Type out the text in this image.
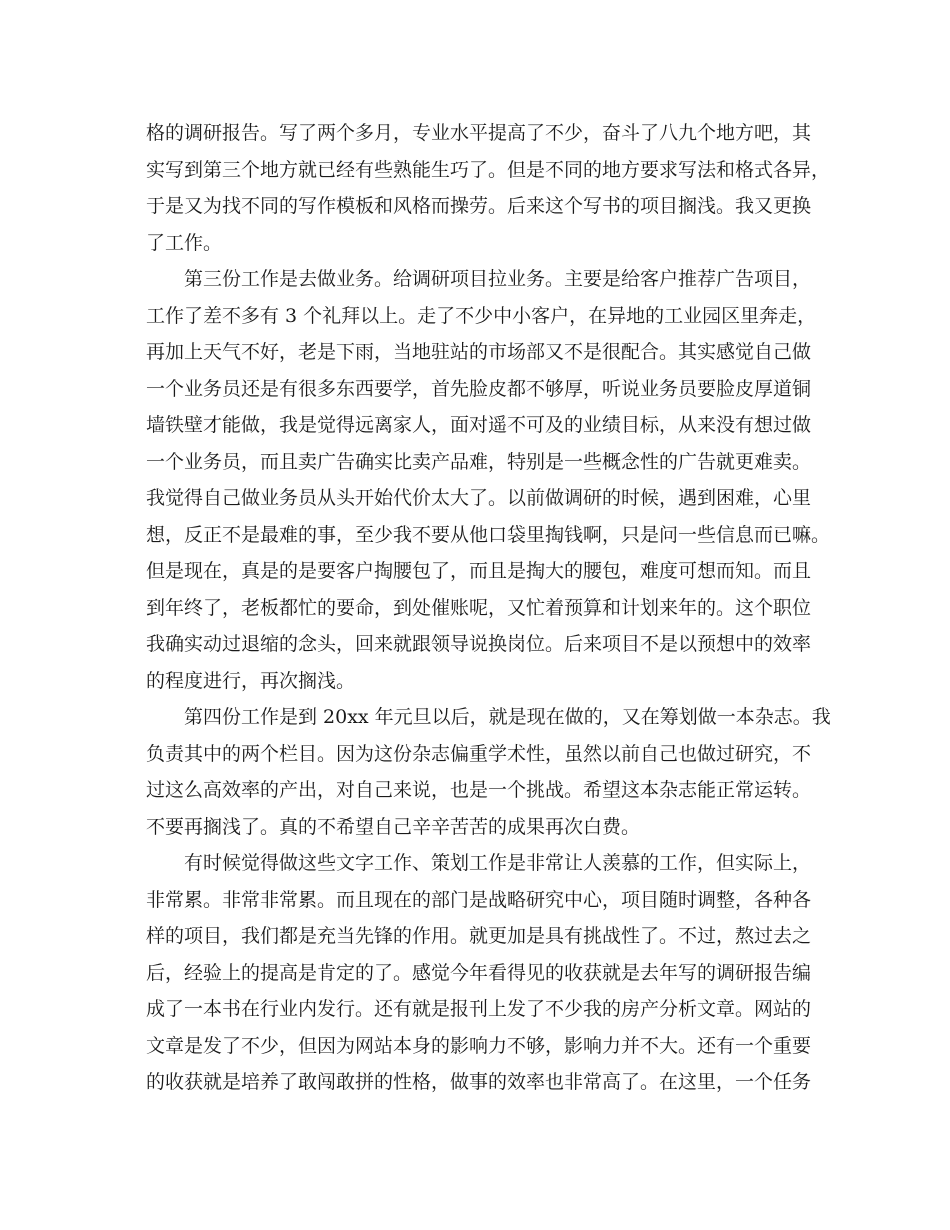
格的调研报告。写了两个多月，专业水平提高了不少，奋斗了八九个地方吧，其
实写到第三个地方就已经有些熟能生巧了。但是不同的地方要求写法和格式各异，
于是又为找不同的写作模板和风格而操劳。后来这个写书的项目搁浅。我又更换
了工作。
第三份工作是去做业务。给调研项目拉业务。主要是给客户推荐广告项目，
工作了差不多有 3 个礼拜以上。走了不少中小客户，在异地的工业园区里奔走，
再加上天气不好，老是下雨，当地驻站的市场部又不是很配合。其实感觉自己做
一个业务员还是有很多东西要学，首先脸皮都不够厚，听说业务员要脸皮厚道铜
墙铁壁才能做，我是觉得远离家人，面对遥不可及的业绩目标，从来没有想过做
一个业务员，而且卖广告确实比卖产品难，特别是一些概念性的广告就更难卖。
我觉得自己做业务员从头开始代价太大了。以前做调研的时候，遇到困难，心里
想，反正不是最难的事，至少我不要从他口袋里掏钱啊，只是问一些信息而已嘛。
但是现在，真是的是要客户掏腰包了，而且是掏大的腰包，难度可想而知。而且
到年终了，老板都忙的要命，到处催账呢，又忙着预算和计划来年的。这个职位
我确实动过退缩的念头，回来就跟领导说换岗位。后来项目不是以预想中的效率
的程度进行，再次搁浅。
第四份工作是到 20xx 年元旦以后，就是现在做的，又在筹划做一本杂志。我
负责其中的两个栏目。因为这份杂志偏重学术性，虽然以前自己也做过研究，不
过这么高效率的产出，对自己来说，也是一个挑战。希望这本杂志能正常运转。
不要再搁浅了。真的不希望自己辛辛苦苦的成果再次白费。
有时候觉得做这些文字工作、策划工作是非常让人羡慕的工作，但实际上，
非常累。非常非常累。而且现在的部门是战略研究中心，项目随时调整，各种各
样的项目，我们都是充当先锋的作用。就更加是具有挑战性了。不过，熬过去之
后，经验上的提高是肯定的了。感觉今年看得见的收获就是去年写的调研报告编
成了一本书在行业内发行。还有就是报刊上发了不少我的房产分析文章。网站的
文章是发了不少，但因为网站本身的影响力不够，影响力并不大。还有一个重要
的收获就是培养了敢闯敢拼的性格，做事的效率也非常高了。在这里，一个任务
